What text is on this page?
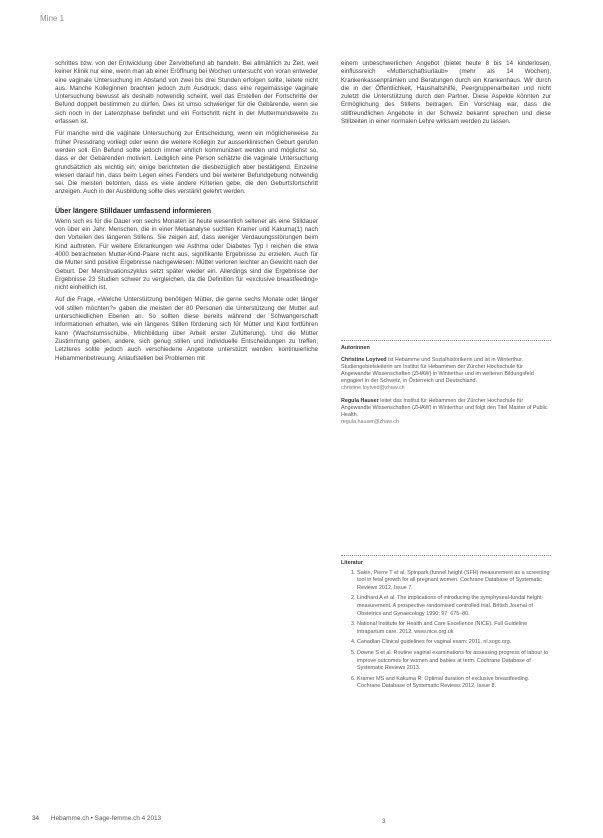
Mine 1

schrittes bzw. von der Entwicklung über Zervixbefund ab handeln. Bei allmählich zu Zeit, weil keiner Klinik nur eine, wenn man ab einer Eröffnung bei Wochen untersucht von voran entweder eine vaginale Untersuchung im Abstand von zwei bis drei Stunden erfolgen sollte, leitete nicht aus. Manche Kolleginnen brachten jedoch zum Ausdruck, dass eine regelmässige vaginale Untersuchung bewusst als deshalb notwendig scheint, weil das Erstellen der Fortschritte der Befund doppelt bestimmen zu dürfen. Dies ist umso schwieriger für die Gebärende, wenn sie sich noch in der Latenzphase befindet und ein Fortschritt nicht in der Muttermundsweite zu erfassen ist.

Für manche wird die vaginale Untersuchung zur Entscheidung, wenn ein möglicherweise zu früher Pressdrang vorliegt oder wenn die weitere Kollegin zur ausserklinischen Geburt gerufen werden soll. Ein Befund sollte jedoch immer ehrlich kommuniziert werden und möglichst so, dass er der Gebärenden motiviert. Lediglich eine Person schätzte die vaginale Untersuchung grundsätzlich als wichtig ein; einige berichteten die diesbezüglich aber bestätigend. Einzelne wiesen darauf hin, dass beim Legen eines Fenders und bei weiterer Befundgebung notwendig sei. Die meisten betonten, dass es viele andere Kriterien gebe, die den Geburtsfortschritt anzeigen. Auch in der Ausbildung sollte dies verstärkt gelehrt werden.

Über längere Stilldauer umfassend informieren

Wenn sich es für die Dauer von sechs Monaten ist heute wesentlich seltener als eine Stilldauer von über ein Jahr. Menschen, die in einer Metaanalyse suchten Kramer und Kakuma(1) nach den Vorteilen des längeren Stillens. Sie zeigen auf, dass weniger Verdauungsstörungen beim Kind auftreten. Für weitere Erkrankungen wie Asthma oder Diabetes Typ I reichen die etwa 4000 betrachteten Mutter-Kind-Paare nicht aus, signifikante Ergebnisse zu erzielen. Auch für die Mutter sind positive Ergebnisse nachgewiesen: Mütter verloren leichter an Gewicht nach der Geburt. Der Menstruationszyklus setzt später wieder ein. Allerdings sind die Ergebnisse der Ergebnisse 23 Studien schwer zu vergleichen, da die Definition für «exclusive breastfeeding» nicht einheitlich ist.

Auf die Frage, «Welche Unterstützung benötigen Mütter, die gerne sechs Monate oder länger voll stillen möchten?» gaben die meisten der 80 Personen die Unterstützung der Mutter auf unterschiedlichen Ebenen an. So sollten diese bereits während der Schwangerschaft Informationen erhalten, wie ein längeres Stillen förderung sich für Mütter und Kind fortführen kann (Wachstumsschübe, Milchbildung über Arbeit erster Zufütterung). Und die Mütter Zustimmung geben, andere, sich genug stillen und individuelle Entscheidungen zu treffen; Letzteres sollte jedoch auch verschiedene Angebote unterstützt werden: kontinuierliche Hebammenbetreuung. Anlaufstellen bei Problemen mit

einem unbeschwerlichen Angebot (bietet heute 8 bis 14 kinderlosen, einflussreich «Mutterschaftsurlaub» (mehr als 14 Wochen), Krankenkassenprämien und Beratungen durch ein Krankenhaus. Wir durch die in der Öffentlichkeit, Haushaltshilfe, Peergruppenarbeiten und nicht zuletzt die Unterstützung durch den Partner. Diese Aspekte könnten zur Ermöglichung des Stillens beitragen. Ein Vorschlag war, dass die stillfreundlichen Angebote in der Schweiz bekannt sprechen und diese Stillzeiten in einer normalen Lehre wirksam werden zu lassen.

Autorinnen

Christine Loytved ist Hebamme und Sozialhistorikerin und ist in Winterthur. Studiengebietsleiterin am Institut für Hebammen der Zürcher Hochschule für Angewandte Wissenschaften (ZHAW) in Winterthur und im weiteren Bildungsfeld engagiert in der Schweiz, in Österreich und Deutschland.
christine.loytved@zhaw.ch

Regula Hauser leitet das Institut für Hebammen der Zürcher Hochschule für Angewandte Wissenschaften (ZHAW) in Winterthur und folgt den Titel Master of Public Health.
regula.hauser@zhaw.ch

Literatur
1. Sakin, Pierre T et al. Spinpark (funnel height (SFH) measurement as a screening tool in fetal growth for all pregnant women. Cochrane Database of Systematic Reviews 2012, Issue 7.
2. Lindhard A et al. The implications of introducing the symphyseal-fundal height measurement. A prospective randomised controlled trial. British Journal of Obstetrics and Gynaecology 1990; 97: 675–80.
3. National Institute for Health and Care Excellence (NICE). Full Guideline intrapartum care. 2012. www.nice.org.uk
4. Canadian Clinical guidelines for vaginal exam: 2011, nl.sogc.org.
5. Downe S et al. Routine vaginal examinations for assessing progress of labour to improve outcomes for women and babies at term. Cochrane Database of Systematic Reviews 2013.
6. Kramer MS and Kakuma R: Optimal duration of exclusive breastfeeding. Cochrane Database of Systematic Reviews 2012, Issue 8.
34 Hebamme.ch • Sage-femme.ch 4 2013	3
